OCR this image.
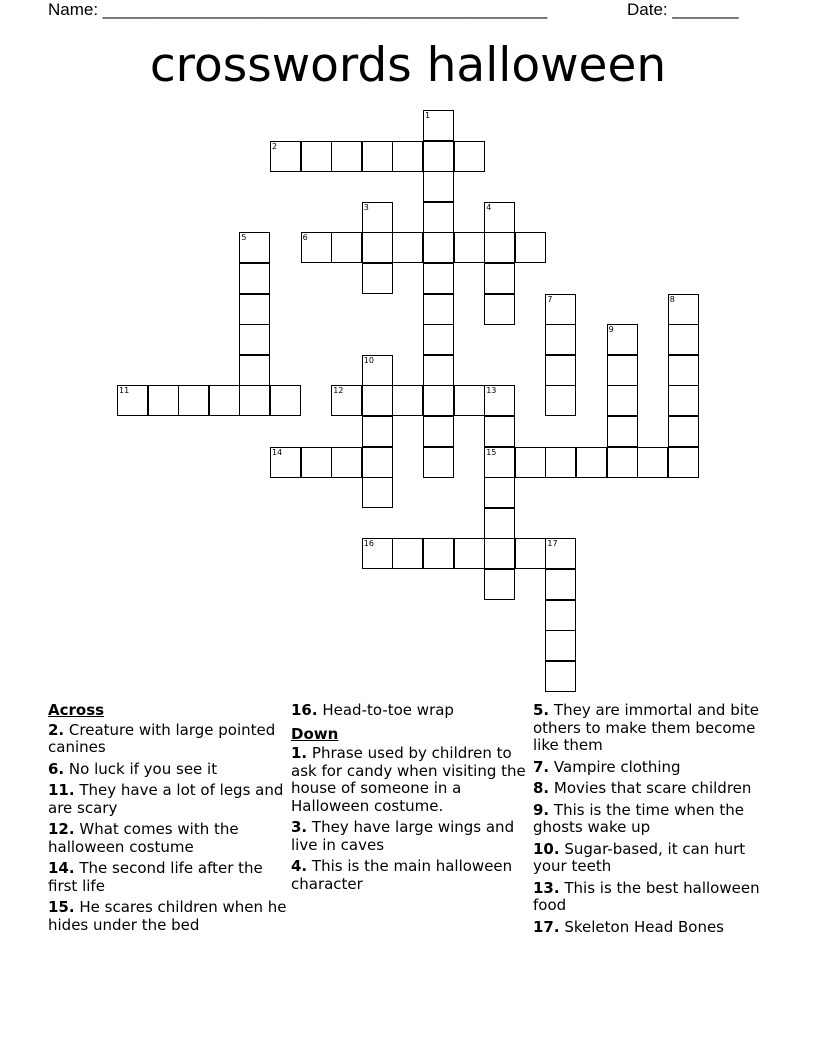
Name: _______________________________________________	Date: _______
crosswords halloween
1
2
3	4
5	6
7	8
9
10
11	12	13
15
14
16	17
Across
2. Creature with large pointed canines
6. No luck if you see it
11. They have a lot of legs and are scary
12. What comes with the halloween costume
14. The second life after the first life
15. He scares children when he hides under the bed
16. Head-to-toe wrap
Down
1. Phrase used by children to ask for candy when visiting the house of someone in a Halloween costume.
3. They have large wings and live in caves
4. This is the main halloween character
5. They are immortal and bite others to make them become like them
7. Vampire clothing
8. Movies that scare children
9. This is the time when the ghosts wake up
10. Sugar-based, it can hurt your teeth
13. This is the best halloween food
17. Skeleton Head Bones
